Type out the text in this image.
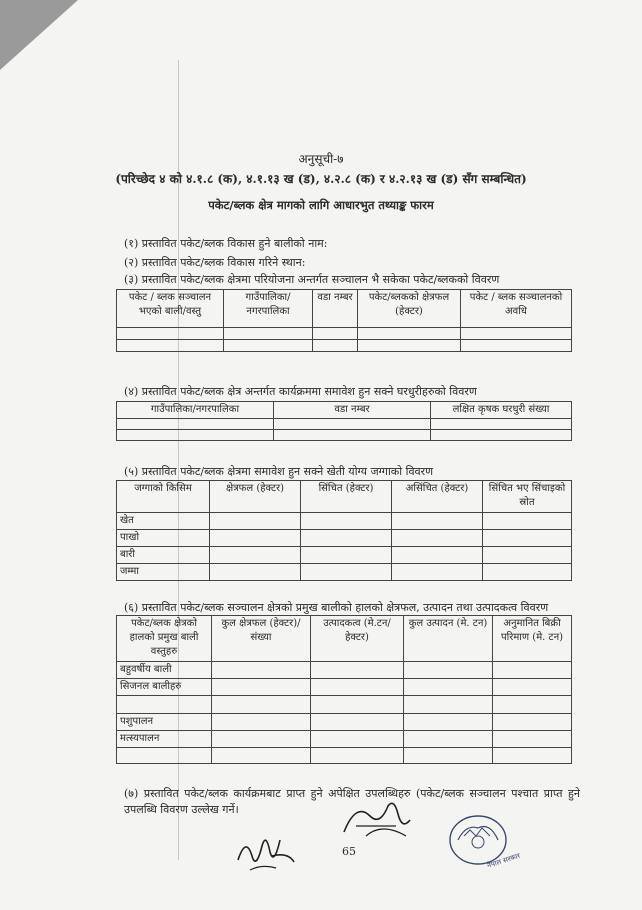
अनुसूची-७
(परिच्छेद ४ को ४.१.८ (क), ४.१.१३ ख (ड), ४.२.८ (क) र ४.२.१३ ख (ड) सँग सम्बन्धित)
पकेट/ब्लक क्षेत्र मागको लागि आधारभुत तथ्याङ्क फारम
(१) प्रस्तावित पकेट/ब्लक विकास हुने बालीको नाम:
(२) प्रस्तावित पकेट/ब्लक विकास गरिने स्थान:
(३) प्रस्तावित पकेट/ब्लक क्षेत्रमा परियोजना अन्तर्गत सञ्चालन भै सकेका पकेट/ब्लकको विवरण
पकेट / ब्लक सञ्चालन भएको बाली/वस्तु	गाउँपालिका/ नगरपालिका	वडा नम्बर	पकेट/ब्लकको क्षेत्रफल (हेक्टर)	पकेट / ब्लक सञ्चालनको अवधि

(४) प्रस्तावित पकेट/ब्लक क्षेत्र अन्तर्गत कार्यक्रममा समावेश हुन सक्ने घरधुरीहरुको विवरण
गाउँपालिका/नगरपालिका	वडा नम्बर	लक्षित कृषक घरधुरी संख्या

(५) प्रस्तावित पकेट/ब्लक क्षेत्रमा समावेश हुन सक्ने खेती योग्य जग्गाको विवरण
जग्गाको किसिम	क्षेत्रफल (हेक्टर)	सिंचित (हेक्टर)	असिंचित (हेक्टर)	सिंचित भए सिंचाइको स्रोत
खेत				
पाखो				
बारी				
जम्मा				
(६) प्रस्तावित पकेट/ब्लक सञ्चालन क्षेत्रको प्रमुख बालीको हालको क्षेत्रफल, उत्पादन तथा उत्पादकत्व विवरण
पकेट/ब्लक क्षेत्रको हालको प्रमुख बाली वस्तुहरु	कुल क्षेत्रफल (हेक्टर)/संख्या	उत्पादकत्व (मे.टन/हेक्टर)	कुल उत्पादन (मे. टन)	अनुमानित बिक्री परिमाण (मे. टन)
बहुवर्षीय बाली				
सिजनल बालीहरु				

पशुपालन				
मत्स्यपालन				

(७) प्रस्तावित पकेट/ब्लक कार्यक्रमबाट प्राप्त हुने अपेक्षित उपलब्धिहरु (पकेट/ब्लक सञ्चालन पश्चात प्राप्त हुने उपलब्धि विवरण उल्लेख गर्ने।
65
नेपाल सरकार
